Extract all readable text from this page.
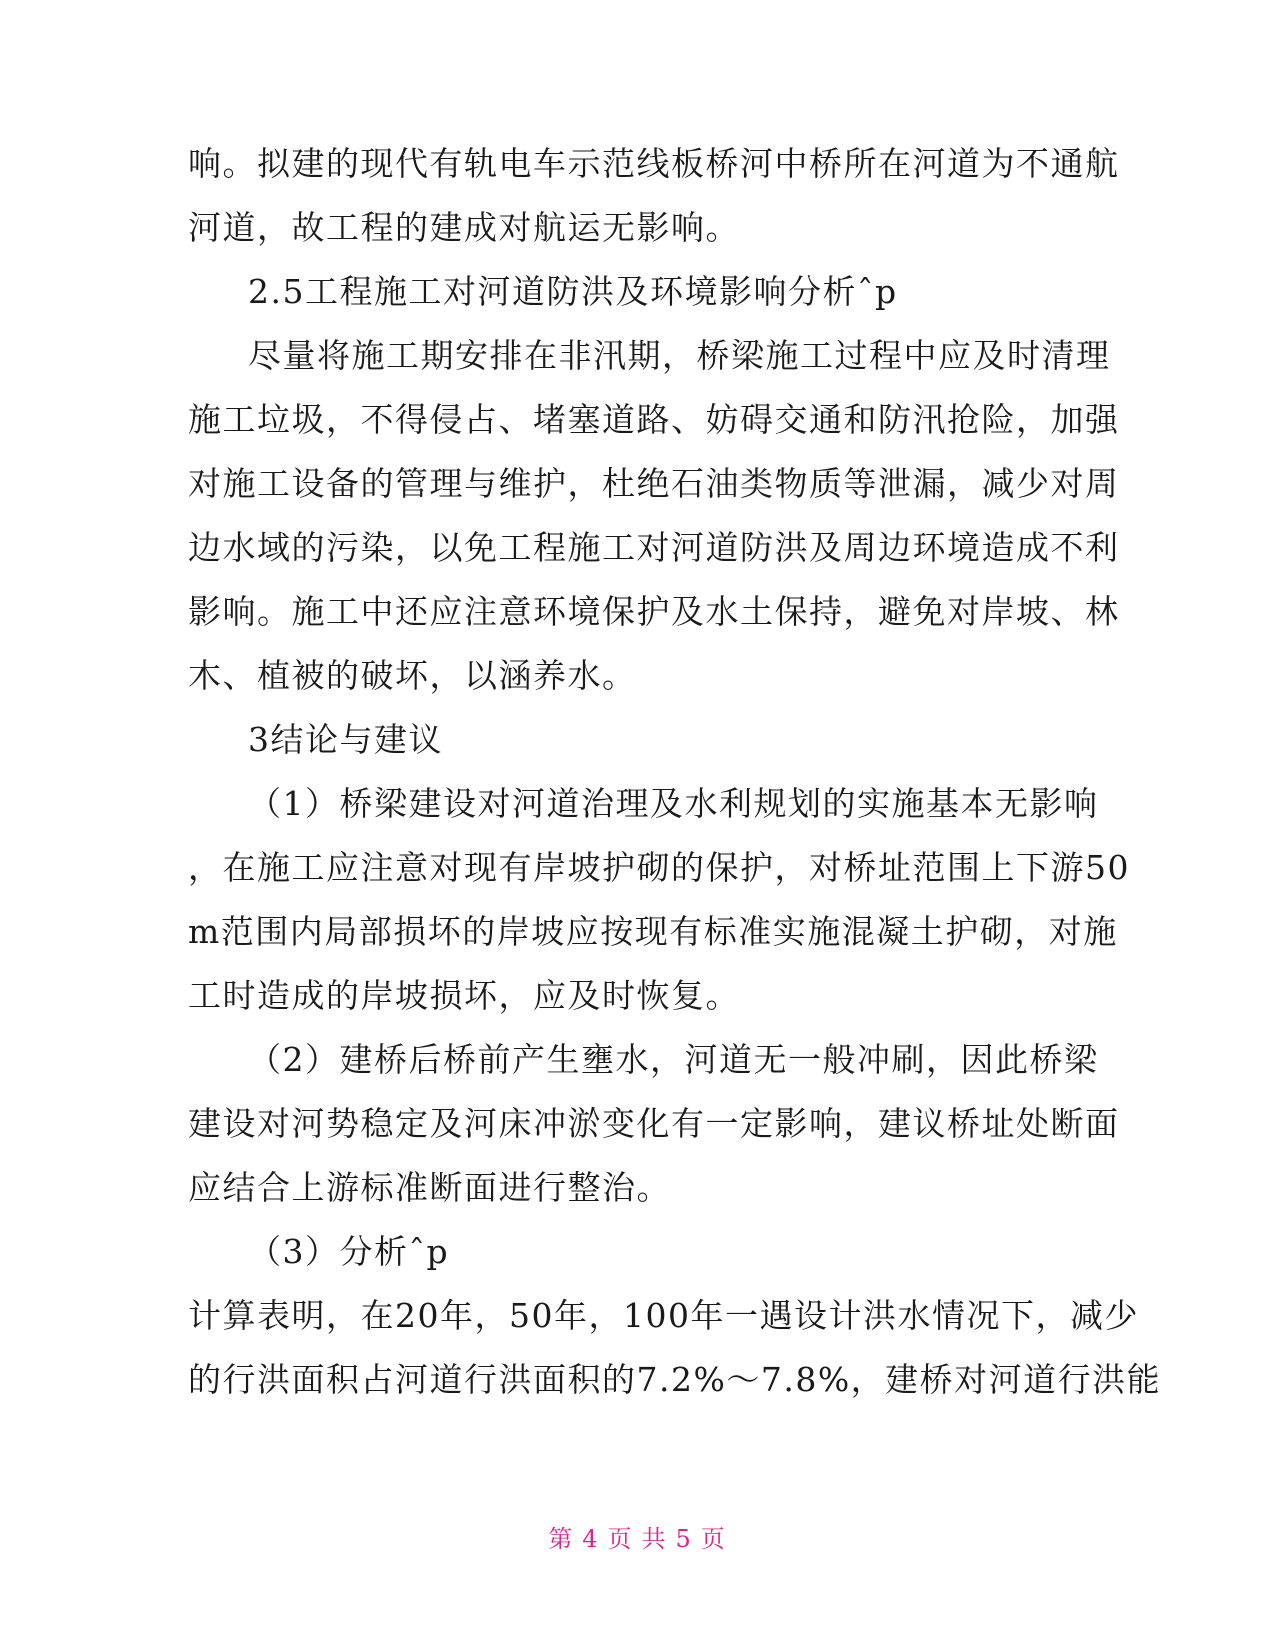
响。拟建的现代有轨电车示范线板桥河中桥所在河道为不通航
河道，故工程的建成对航运无影响。
2.5工程施工对河道防洪及环境影响分析ˆp
尽量将施工期安排在非汛期，桥梁施工过程中应及时清理
施工垃圾，不得侵占、堵塞道路、妨碍交通和防汛抢险，加强
对施工设备的管理与维护，杜绝石油类物质等泄漏，减少对周
边水域的污染，以免工程施工对河道防洪及周边环境造成不利
影响。施工中还应注意环境保护及水土保持，避免对岸坡、林
木、植被的破坏，以涵养水。
3结论与建议
（1）桥梁建设对河道治理及水利规划的实施基本无影响
，在施工应注意对现有岸坡护砌的保护，对桥址范围上下游50
m范围内局部损坏的岸坡应按现有标准实施混凝土护砌，对施
工时造成的岸坡损坏，应及时恢复。
（2）建桥后桥前产生壅水，河道无一般冲刷，因此桥梁
建设对河势稳定及河床冲淤变化有一定影响，建议桥址处断面
应结合上游标准断面进行整治。
（3）分析ˆp
计算表明，在20年，50年，100年一遇设计洪水情况下，减少
的行洪面积占河道行洪面积的7.2%～7.8%，建桥对河道行洪能
第 4 页 共 5 页
